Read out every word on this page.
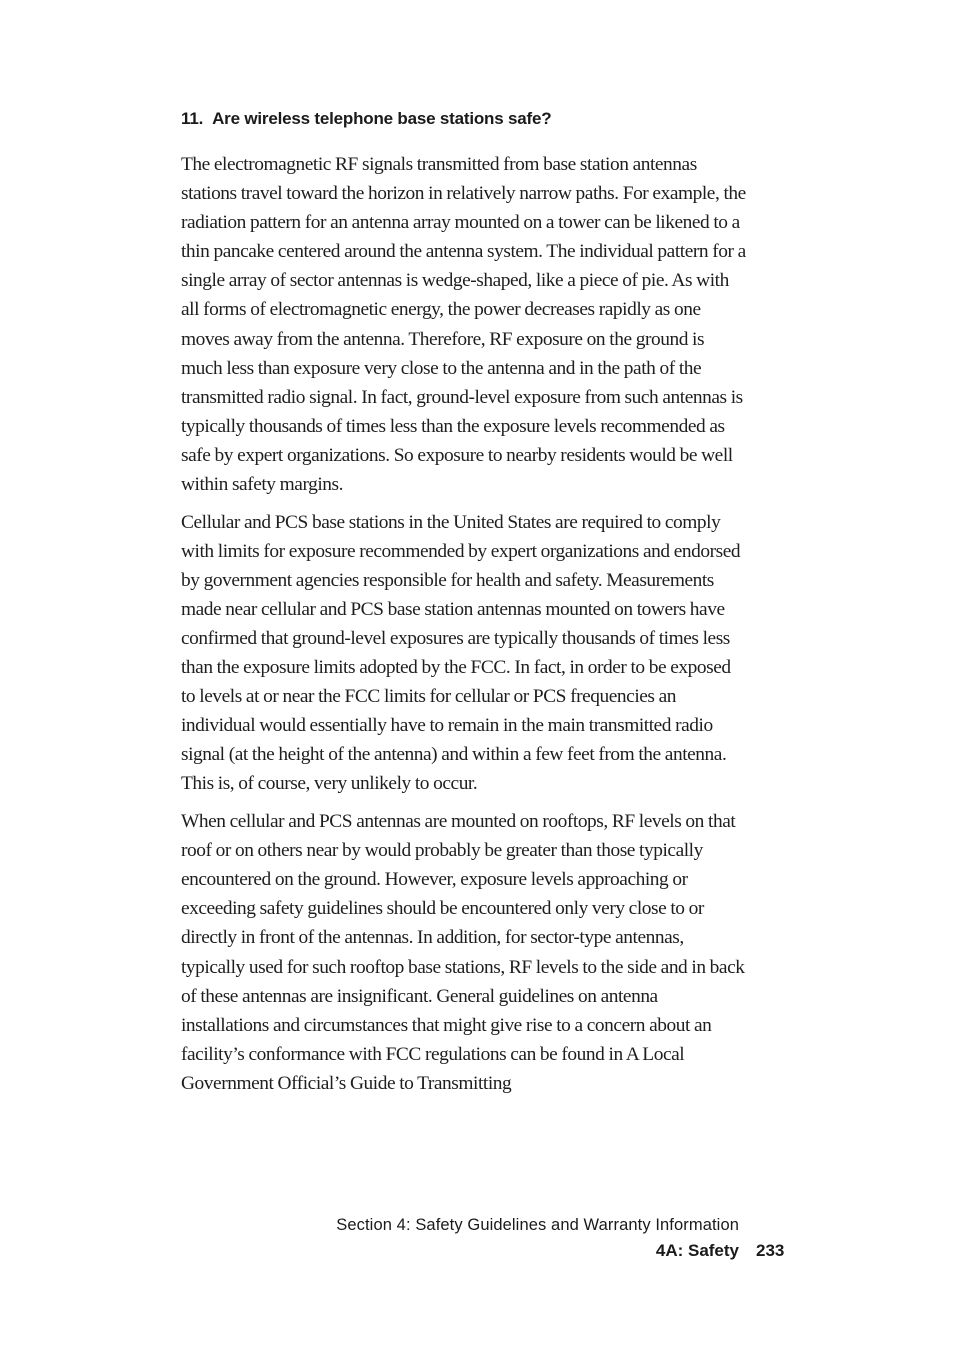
11. Are wireless telephone base stations safe?

The electromagnetic RF signals transmitted from base station antennas stations travel toward the horizon in relatively narrow paths. For example, the radiation pattern for an antenna array mounted on a tower can be likened to a thin pancake centered around the antenna system. The individual pattern for a single array of sector antennas is wedge-shaped, like a piece of pie. As with all forms of electromagnetic energy, the power decreases rapidly as one moves away from the antenna. Therefore, RF exposure on the ground is much less than exposure very close to the antenna and in the path of the transmitted radio signal. In fact, ground-level exposure from such antennas is typically thousands of times less than the exposure levels recommended as safe by expert organizations. So exposure to nearby residents would be well within safety margins.

Cellular and PCS base stations in the United States are required to comply with limits for exposure recommended by expert organizations and endorsed by government agencies responsible for health and safety. Measurements made near cellular and PCS base station antennas mounted on towers have confirmed that ground-level exposures are typically thousands of times less than the exposure limits adopted by the FCC. In fact, in order to be exposed to levels at or near the FCC limits for cellular or PCS frequencies an individual would essentially have to remain in the main transmitted radio signal (at the height of the antenna) and within a few feet from the antenna. This is, of course, very unlikely to occur.

When cellular and PCS antennas are mounted on rooftops, RF levels on that roof or on others near by would probably be greater than those typically encountered on the ground. However, exposure levels approaching or exceeding safety guidelines should be encountered only very close to or directly in front of the antennas. In addition, for sector-type antennas, typically used for such rooftop base stations, RF levels to the side and in back of these antennas are insignificant. General guidelines on antenna installations and circumstances that might give rise to a concern about an facility’s conformance with FCC regulations can be found in A Local Government Official’s Guide to Transmitting

Section 4: Safety Guidelines and Warranty Information
4A: Safety 233
